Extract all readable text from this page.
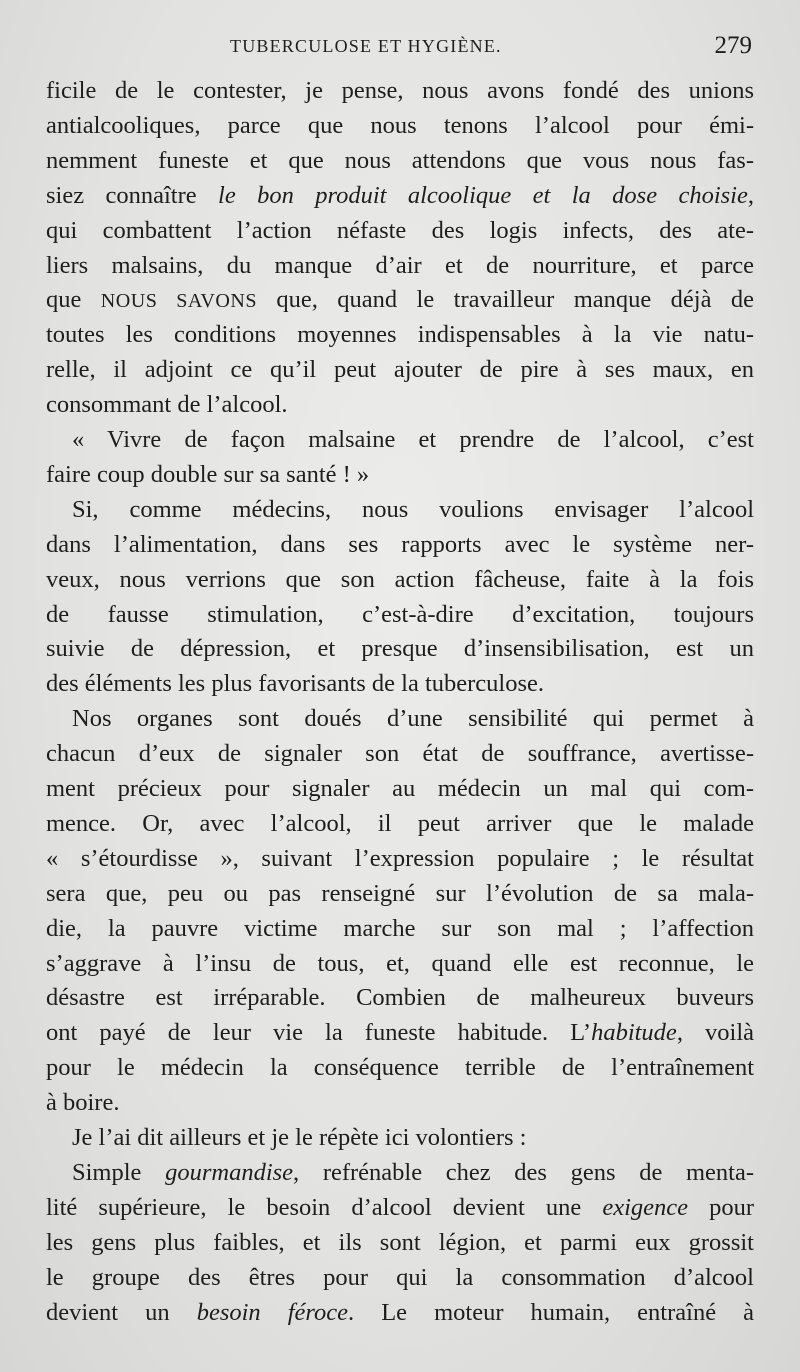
TUBERCULOSE ET HYGIÈNE.	279
ficile de le contester, je pense, nous avons fondé des unions
antialcooliques, parce que nous tenons l’alcool pour émi-
nemment funeste et que nous attendons que vous nous fas-
siez connaître le bon produit alcoolique et la dose choisie,
qui combattent l’action néfaste des logis infects, des ate-
liers malsains, du manque d’air et de nourriture, et parce
que NOUS SAVONS que, quand le travailleur manque déjà de
toutes les conditions moyennes indispensables à la vie natu-
relle, il adjoint ce qu’il peut ajouter de pire à ses maux, en
consommant de l’alcool.
« Vivre de façon malsaine et prendre de l’alcool, c’est
faire coup double sur sa santé ! »
Si, comme médecins, nous voulions envisager l’alcool
dans l’alimentation, dans ses rapports avec le système ner-
veux, nous verrions que son action fâcheuse, faite à la fois
de fausse stimulation, c’est-à-dire d’excitation, toujours
suivie de dépression, et presque d’insensibilisation, est un
des éléments les plus favorisants de la tuberculose.
Nos organes sont doués d’une sensibilité qui permet à
chacun d’eux de signaler son état de souffrance, avertisse-
ment précieux pour signaler au médecin un mal qui com-
mence. Or, avec l’alcool, il peut arriver que le malade
« s’étourdisse », suivant l’expression populaire ; le résultat
sera que, peu ou pas renseigné sur l’évolution de sa mala-
die, la pauvre victime marche sur son mal ; l’affection
s’aggrave à l’insu de tous, et, quand elle est reconnue, le
désastre est irréparable. Combien de malheureux buveurs
ont payé de leur vie la funeste habitude. L’habitude, voilà
pour le médecin la conséquence terrible de l’entraînement
à boire.
Je l’ai dit ailleurs et je le répète ici volontiers :
Simple gourmandise, refrénable chez des gens de menta-
lité supérieure, le besoin d’alcool devient une exigence pour
les gens plus faibles, et ils sont légion, et parmi eux grossit
le groupe des êtres pour qui la consommation d’alcool
devient un besoin féroce. Le moteur humain, entraîné à
